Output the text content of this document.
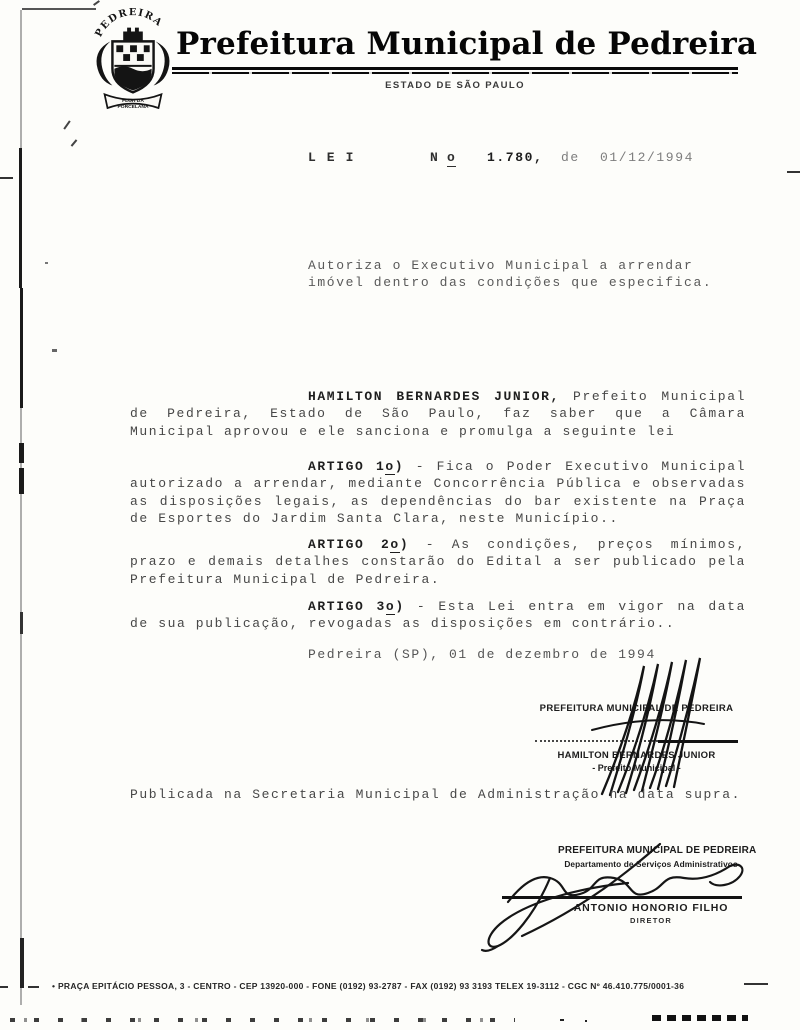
PEDREIRA
FLOR DA
PORCELANA
Prefeitura Municipal de Pedreira
ESTADO DE SÃO PAULO
L E I	N o 1.780, de 01/12/1994
Autoriza o Executivo Municipal a arrendar
imóvel dentro das condições que especifica.
HAMILTON BERNARDES JUNIOR, Prefeito Municipal de Pedreira, Estado de São Paulo, faz saber que a Câmara Municipal aprovou e ele sanciona e promulga a seguinte lei
ARTIGO 1o) - Fica o Poder Executivo Municipal autorizado a arrendar, mediante Concorrência Pública e observadas as disposições legais, as dependências do bar existente na Praça de Esportes do Jardim Santa Clara, neste Município..
ARTIGO 2o) - As condições, preços mínimos, prazo e demais detalhes constarão do Edital a ser publicado pela Prefeitura Municipal de Pedreira.
ARTIGO 3o) - Esta Lei entra em vigor na data de sua publicação, revogadas as disposições em contrário..
Pedreira (SP), 01 de dezembro de 1994
PREFEITURA MUNICIPAL DE PEDREIRA
HAMILTON BERNARDES JUNIOR
- Prefeito Municipal -
Publicada na Secretaria Municipal de Administração na data supra.
PREFEITURA MUNICIPAL DE PEDREIRA
Departamento de Serviços Administrativos
ANTONIO HONORIO FILHO
DIRETOR
• PRAÇA EPITÁCIO PESSOA, 3 - CENTRO - CEP 13920-000 - FONE (0192) 93-2787 - FAX (0192) 93 3193 TELEX 19-3112 - CGC Nº 46.410.775/0001-36
